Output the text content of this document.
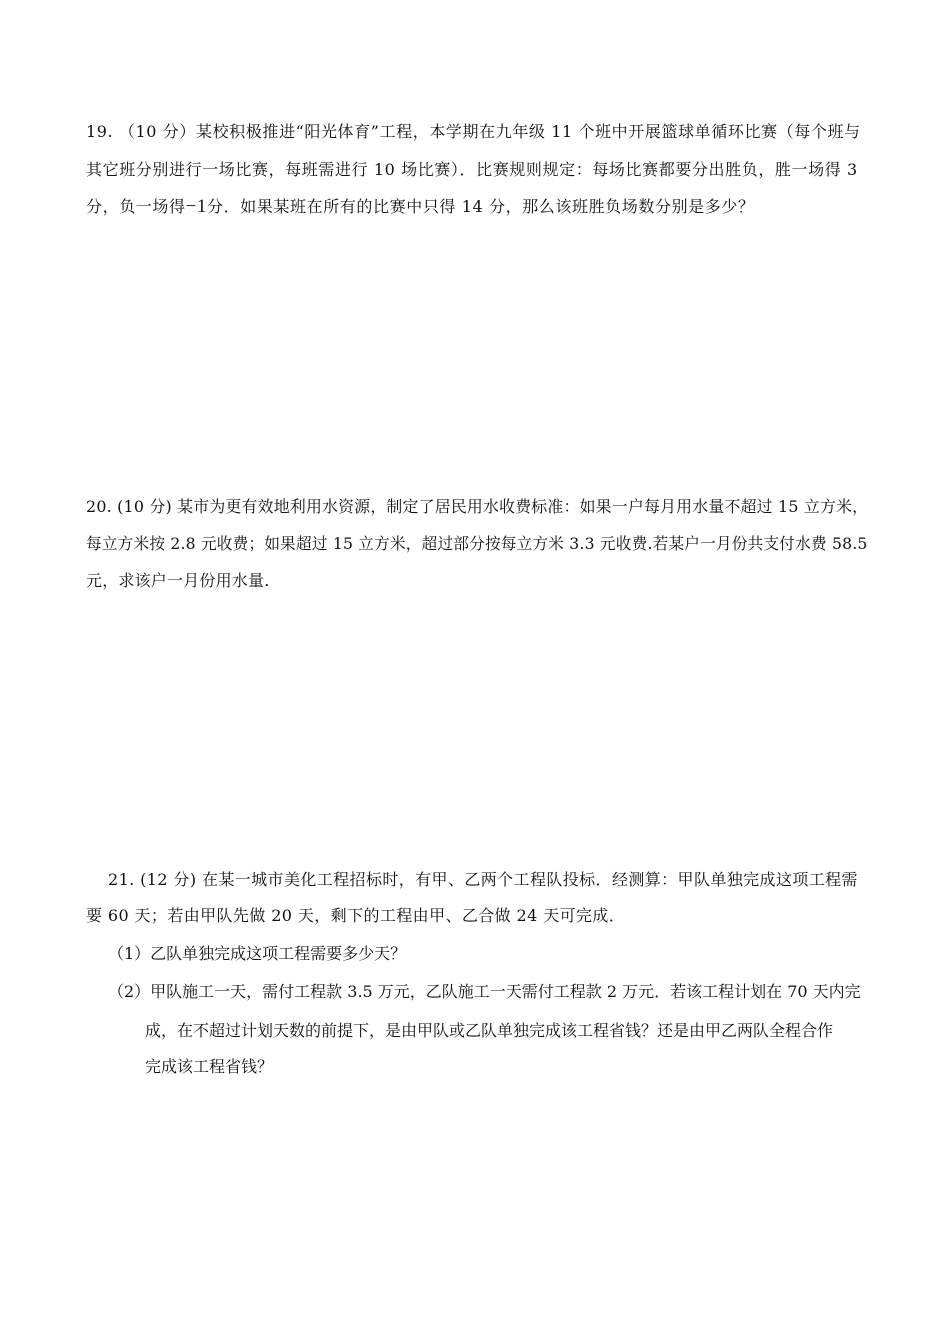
19. （10 分）某校积极推进“阳光体育”工程，本学期在九年级 11 个班中开展篮球单循环比赛（每个班与
其它班分别进行一场比赛，每班需进行 10 场比赛）．比赛规则规定：每场比赛都要分出胜负，胜一场得 3
分，负一场得−1分．如果某班在所有的比赛中只得 14 分，那么该班胜负场数分别是多少？
20. (10 分) 某市为更有效地利用水资源，制定了居民用水收费标准：如果一户每月用水量不超过 15 立方米，
每立方米按 2.8 元收费；如果超过 15 立方米，超过部分按每立方米 3.3 元收费.若某户一月份共支付水费 58.5
元，求该户一月份用水量.
21. (12 分) 在某一城市美化工程招标时，有甲、乙两个工程队投标．经测算：甲队单独完成这项工程需
要 60 天；若由甲队先做 20 天，剩下的工程由甲、乙合做 24 天可完成．
（1）乙队单独完成这项工程需要多少天？
（2）甲队施工一天，需付工程款 3.5 万元，乙队施工一天需付工程款 2 万元．若该工程计划在 70 天内完
成，在不超过计划天数的前提下，是由甲队或乙队单独完成该工程省钱？还是由甲乙两队全程合作
完成该工程省钱？
